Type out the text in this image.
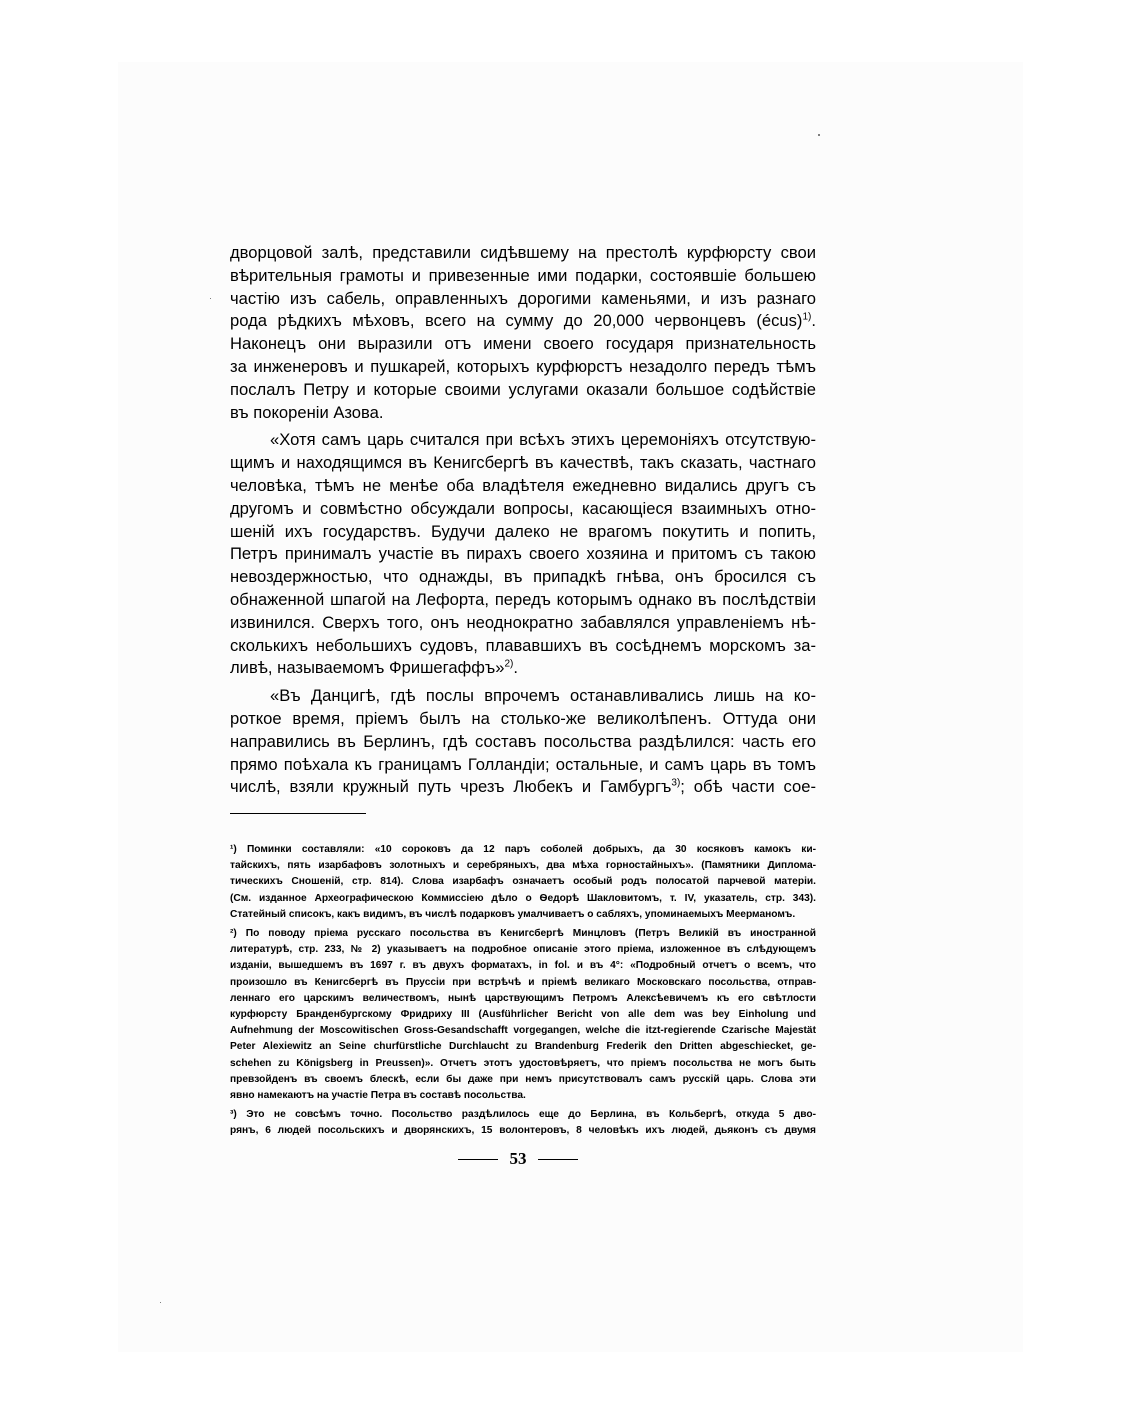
дворцовой залѣ, представили сидѣвшему на престолѣ курфюрсту свои
вѣрительныя грамоты и привезенные ими подарки, состоявшіе большею
частію изъ сабель, оправленныхъ дорогими каменьями, и изъ разнаго
рода рѣдкихъ мѣховъ, всего на сумму до 20,000 червонцевъ (écus)$^{1)}$.
Наконецъ они выразили отъ имени своего государя признательность
за инженеровъ и пушкарей, которыхъ курфюрстъ незадолго передъ тѣмъ
послалъ Петру и которые своими услугами оказали большое содѣйствіе
въ покореніи Азова.
«Хотя самъ царь считался при всѣхъ этихъ церемоніяхъ отсутствую-
щимъ и находящимся въ Кенигсбергѣ въ качествѣ, такъ сказать, частнаго
человѣка, тѣмъ не менѣе оба владѣтеля ежедневно видались другъ съ
другомъ и совмѣстно обсуждали вопросы, касающіеся взаимныхъ отно-
шеній ихъ государствъ. Будучи далеко не врагомъ покутить и попить,
Петръ принималъ участіе въ пирахъ своего хозяина и притомъ съ такою
невоздержностью, что однажды, въ припадкѣ гнѣва, онъ бросился съ
обнаженной шпагой на Лефорта, передъ которымъ однако въ послѣдствіи
извинился. Сверхъ того, онъ неоднократно забавлялся управленіемъ нѣ-
сколькихъ небольшихъ судовъ, плававшихъ въ сосѣднемъ морскомъ за-
ливѣ, называемомъ Фришегаффъ»$^{2)}$.
«Въ Данцигѣ, гдѣ послы впрочемъ останавливались лишь на ко-
роткое время, пріемъ былъ на столько-же великолѣпенъ. Оттуда они
направились въ Берлинъ, гдѣ составъ посольства раздѣлился: часть его
прямо поѣхала къ границамъ Голландіи; остальные, и самъ царь въ томъ
числѣ, взяли кружный путь чрезъ Любекъ и Гамбургъ$^{3)}$; обѣ части сое-
¹) Поминки составляли: «10 сороковъ да 12 паръ соболей добрыхъ, да 30 косяковъ камокъ ки-
тайскихъ, пять изарбафовъ золотныхъ и серебряныхъ, два мѣха горностайныхъ». (Памятники Диплома-
тическихъ Сношеній, стр. 814). Слова изарбафъ означаетъ особый родъ полосатой парчевой матеріи.
(См. изданное Археографическою Коммиссіею дѣло о Ѳедорѣ Шакловитомъ, т. IV, указатель, стр. 343).
Статейный списокъ, какъ видимъ, въ числѣ подарковъ умалчиваетъ о сабляхъ, упоминаемыхъ Меерманомъ.
²) По поводу пріема русскаго посольства въ Кенигсбергѣ Минцловъ (Петръ Великій въ иностранной
литературѣ, стр. 233, № 2) указываетъ на подробное описаніе этого пріема, изложенное въ слѣдующемъ
изданіи, вышедшемъ въ 1697 г. въ двухъ форматахъ, in fol. и въ 4°: «Подробный отчетъ о всемъ, что
произошло въ Кенигсбергѣ въ Пруссіи при встрѣчѣ и пріемѣ великаго Московскаго посольства, отправ-
леннаго его царскимъ величествомъ, нынѣ царствующимъ Петромъ Алексѣевичемъ къ его свѣтлости
курфюрсту Бранденбургскому Фридриху III (Ausführlicher Bericht von alle dem was bey Einholung und
Aufnehmung der Moscowitischen Gross-Gesandschafft vorgegangen, welche die itzt-regierende Czarische Majestät
Peter Alexiewitz an Seine churfürstliche Durchlaucht zu Brandenburg Frederik den Dritten abgeschiecket, ge-
schehen zu Königsberg in Preussen)». Отчетъ этотъ удостовѣряетъ, что пріемъ посольства не могъ быть
превзойденъ въ своемъ блескѣ, если бы даже при немъ присутствовалъ самъ русскій царь. Слова эти
явно намекаютъ на участіе Петра въ составѣ посольства.
³) Это не совсѣмъ точно. Посольство раздѣлилось еще до Берлина, въ Кольбергѣ, откуда 5 дво-
рянъ, 6 людей посольскихъ и дворянскихъ, 15 волонтеровъ, 8 человѣкъ ихъ людей, дьяконъ съ двумя
53
